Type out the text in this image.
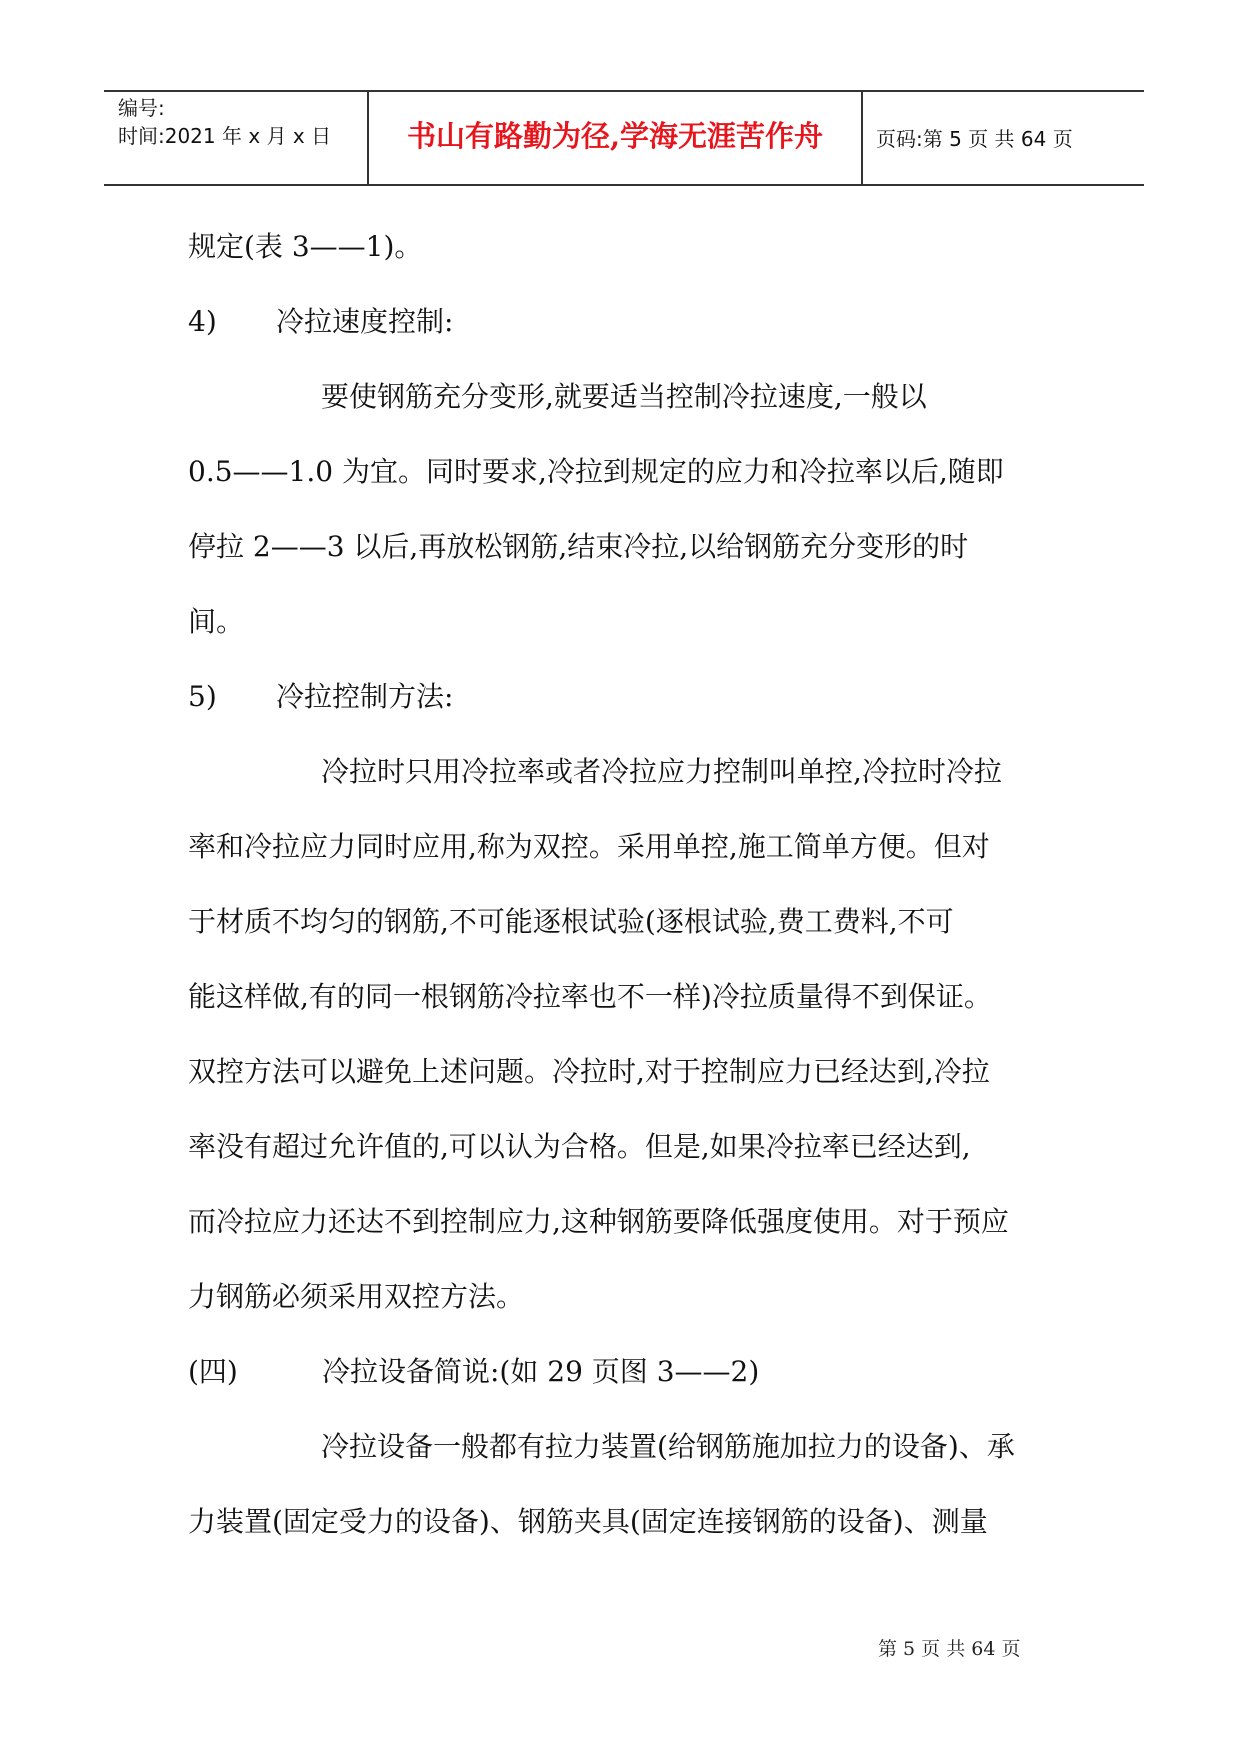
编号:
时间:2021 年 x 月 x 日	书山有路勤为径,学海无涯苦作舟	页码:第 5 页 共 64 页
规定(表 3——1)。
4) 冷拉速度控制:
要使钢筋充分变形,就要适当控制冷拉速度,一般以
0.5——1.0 为宜。同时要求,冷拉到规定的应力和冷拉率以后,随即
停拉 2——3 以后,再放松钢筋,结束冷拉,以给钢筋充分变形的时
间。
5) 冷拉控制方法:
冷拉时只用冷拉率或者冷拉应力控制叫单控,冷拉时冷拉
率和冷拉应力同时应用,称为双控。采用单控,施工简单方便。但对
于材质不均匀的钢筋,不可能逐根试验(逐根试验,费工费料,不可
能这样做,有的同一根钢筋冷拉率也不一样)冷拉质量得不到保证。
双控方法可以避免上述问题。冷拉时,对于控制应力已经达到,冷拉
率没有超过允许值的,可以认为合格。但是,如果冷拉率已经达到,
而冷拉应力还达不到控制应力,这种钢筋要降低强度使用。对于预应
力钢筋必须采用双控方法。
(四)	冷拉设备简说:(如 29 页图 3——2)
冷拉设备一般都有拉力装置(给钢筋施加拉力的设备)、承
力装置(固定受力的设备)、钢筋夹具(固定连接钢筋的设备)、测量
第 5 页 共 64 页
